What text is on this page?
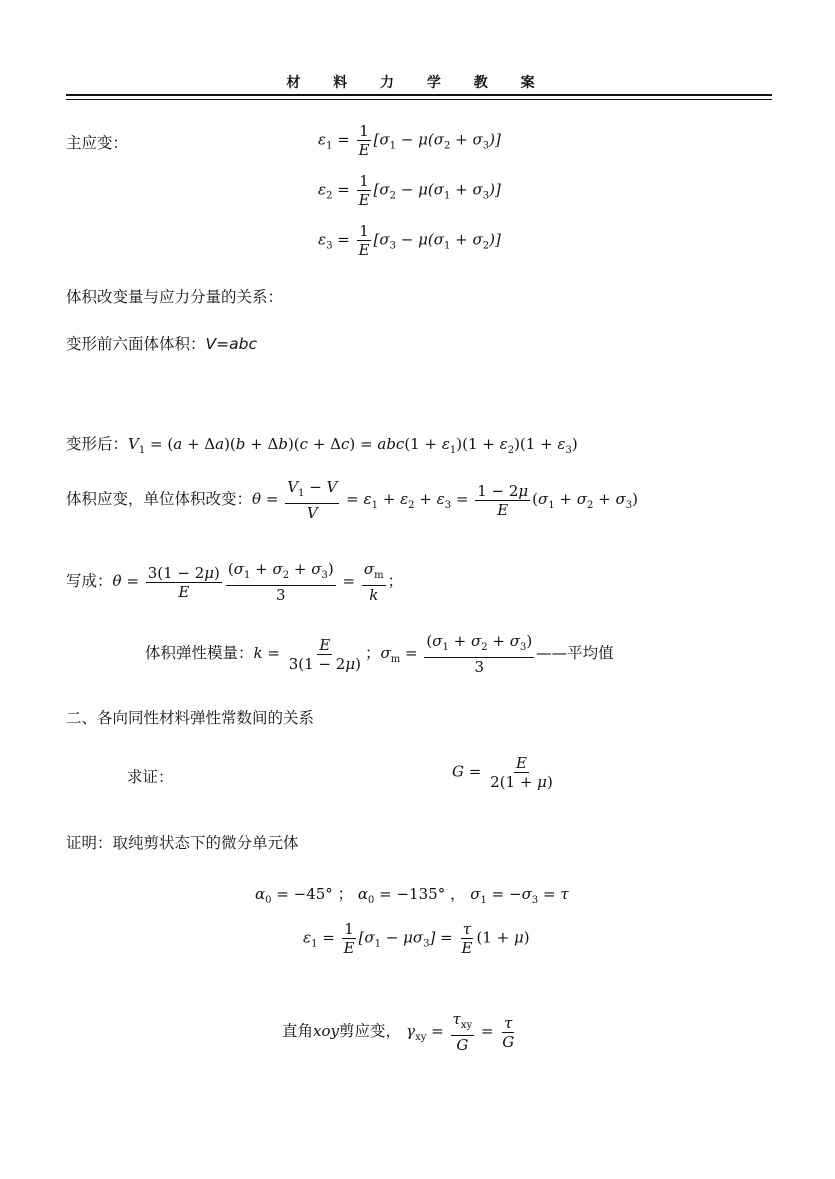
材 料 力 学 教 案
主应变：	$\varepsilon_1 = \frac{1}{E} [\sigma_1 - \mu(\sigma_2 + \sigma_3)]$
$\varepsilon_2 = \frac{1}{E} [\sigma_2 - \mu(\sigma_1 + \sigma_3)]$
$\varepsilon_3 = \frac{1}{E} [\sigma_3 - \mu(\sigma_1 + \sigma_2)]$
体积改变量与应力分量的关系：
变形前六面体体积：V=abc
变形后：$V_1 = (a + \Delta a)(b + \Delta b)(c + \Delta c) = abc(1 + \varepsilon_1)(1 + \varepsilon_2)(1 + \varepsilon_3)$
体积应变，单位体积改变：$\theta = \frac{V_1 - V}{V} = \varepsilon_1 + \varepsilon_2 + \varepsilon_3 = \frac{1 - 2\mu}{E} (\sigma_1 + \sigma_2 + \sigma_3)$
写成：$\theta = \frac{3(1 - 2\mu)}{E} \frac{(\sigma_1 + \sigma_2 + \sigma_3)}{3} = \frac{\sigma_m}{k}$ ；
体积弹性模量：$k = \frac{E}{3(1 - 2\mu)}$ ；$\sigma_m = \frac{(\sigma_1 + \sigma_2 + \sigma_3)}{3}$ ——平均值
二、各向同性材料弹性常数间的关系
求证：	$G = \frac{E}{2(1 + \mu)}$
证明：取纯剪状态下的微分单元体
$\alpha_0 = -45^\circ$ ； $\alpha_0 = -135^\circ$ ， $\sigma_1 = -\sigma_3 = \tau$
$\varepsilon_1 = \frac{1}{E} [\sigma_1 - \mu\sigma_3] = \frac{\tau}{E} (1 + \mu)$
直角xoy剪应变， $\gamma_{xy} = \frac{\tau_{xy}}{G} = \frac{\tau}{G}$
